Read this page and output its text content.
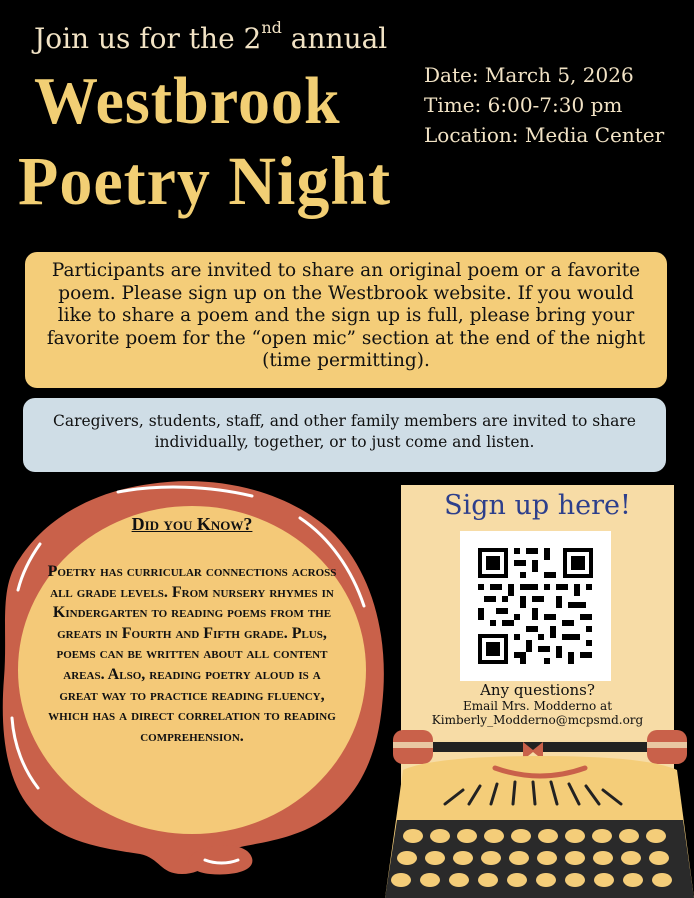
Join us for the 2nd annual
Westbrook
Poetry Night
Date: March 5, 2026
Time: 6:00-7:30 pm
Location: Media Center
Participants are invited to share an original poem or a favorite poem. Please sign up on the Westbrook website. If you would like to share a poem and the sign up is full, please bring your favorite poem for the “open mic” section at the end of the night (time permitting).
Caregivers, students, staff, and other family members are invited to share individually, together, or to just come and listen.
Did you Know?
Poetry has curricular connections across all grade levels. From nursery rhymes in Kindergarten to reading poems from the greats in Fourth and Fifth grade. Plus, poems can be written about all content areas. Also, reading poetry aloud is a great way to practice reading fluency, which has a direct correlation to reading comprehension.
Sign up here!
Any questions?
Email Mrs. Modderno at
Kimberly_Modderno@mcpsmd.org
